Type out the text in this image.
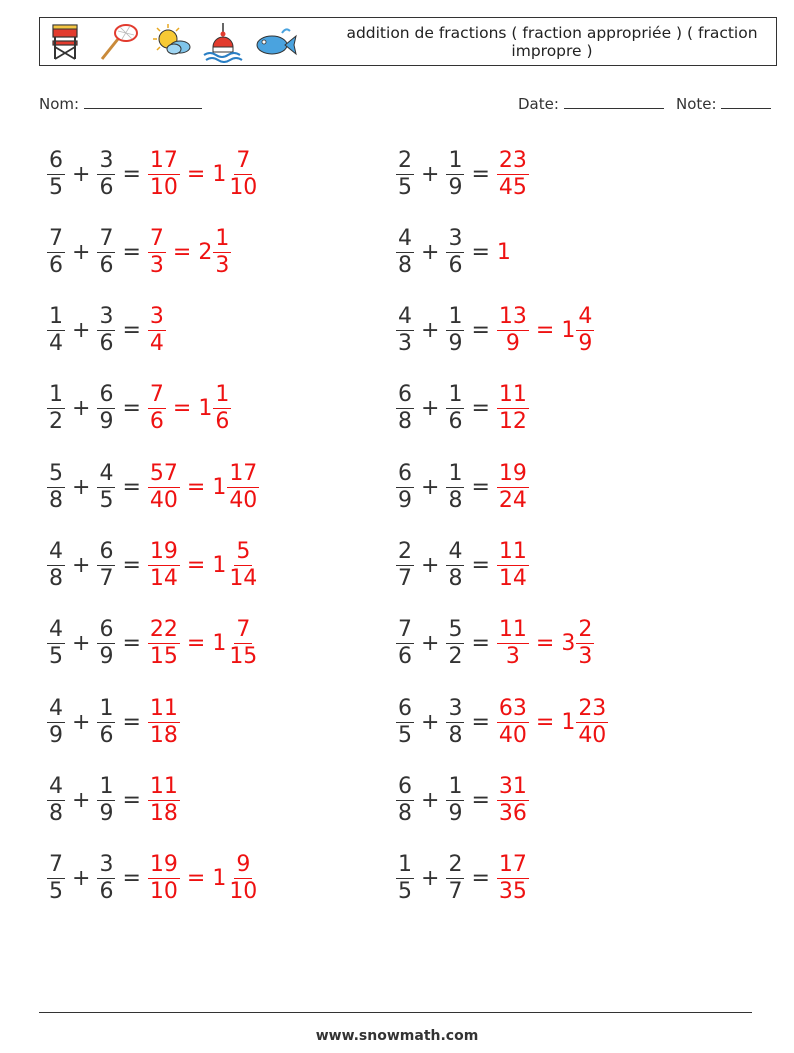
addition de fractions ( fraction appropriée ) ( fraction impropre )
Nom:	Date:	Note:
$\frac{6}{5} + \frac{3}{6} = \frac{17}{10} = 1 \frac{7}{10}$	$\frac{2}{5} + \frac{1}{9} = \frac{23}{45}$
$\frac{7}{6} + \frac{7}{6} = \frac{7}{3} = 2 \frac{1}{3}$	$\frac{4}{8} + \frac{3}{6} = 1$
$\frac{1}{4} + \frac{3}{6} = \frac{3}{4}$	$\frac{4}{3} + \frac{1}{9} = \frac{13}{9} = 1 \frac{4}{9}$
$\frac{1}{2} + \frac{6}{9} = \frac{7}{6} = 1 \frac{1}{6}$	$\frac{6}{8} + \frac{1}{6} = \frac{11}{12}$
$\frac{5}{8} + \frac{4}{5} = \frac{57}{40} = 1 \frac{17}{40}$	$\frac{6}{9} + \frac{1}{8} = \frac{19}{24}$
$\frac{4}{8} + \frac{6}{7} = \frac{19}{14} = 1 \frac{5}{14}$	$\frac{2}{7} + \frac{4}{8} = \frac{11}{14}$
$\frac{4}{5} + \frac{6}{9} = \frac{22}{15} = 1 \frac{7}{15}$	$\frac{7}{6} + \frac{5}{2} = \frac{11}{3} = 3 \frac{2}{3}$
$\frac{4}{9} + \frac{1}{6} = \frac{11}{18}$	$\frac{6}{5} + \frac{3}{8} = \frac{63}{40} = 1 \frac{23}{40}$
$\frac{4}{8} + \frac{1}{9} = \frac{11}{18}$	$\frac{6}{8} + \frac{1}{9} = \frac{31}{36}$
$\frac{7}{5} + \frac{3}{6} = \frac{19}{10} = 1 \frac{9}{10}$	$\frac{1}{5} + \frac{2}{7} = \frac{17}{35}$
www.snowmath.com
